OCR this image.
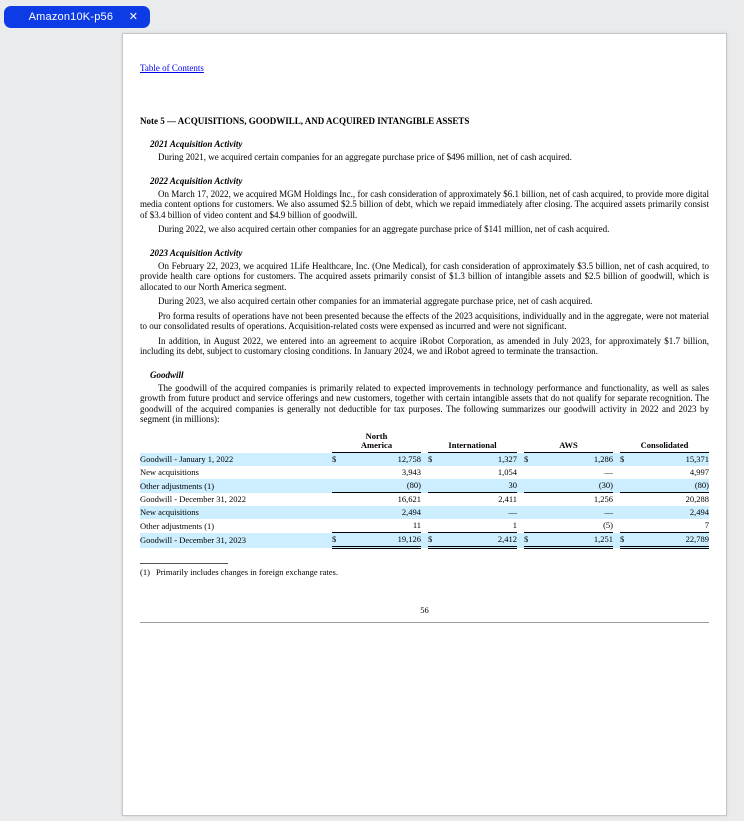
Amazon10K-p56	✕
Table of Contents
Note 5 — ACQUISITIONS, GOODWILL, AND ACQUIRED INTANGIBLE ASSETS
2021 Acquisition Activity

During 2021, we acquired certain companies for an aggregate purchase price of $496 million, net of cash acquired.

2022 Acquisition Activity

On March 17, 2022, we acquired MGM Holdings Inc., for cash consideration of approximately $6.1 billion, net of cash acquired, to provide more digital media content options for customers. We also assumed $2.5 billion of debt, which we repaid immediately after closing. The acquired assets primarily consist of $3.4 billion of video content and $4.9 billion of goodwill.

During 2022, we also acquired certain other companies for an aggregate purchase price of $141 million, net of cash acquired.

2023 Acquisition Activity

On February 22, 2023, we acquired 1Life Healthcare, Inc. (One Medical), for cash consideration of approximately $3.5 billion, net of cash acquired, to provide health care options for customers. The acquired assets primarily consist of $1.3 billion of intangible assets and $2.5 billion of goodwill, which is allocated to our North America segment.

During 2023, we also acquired certain other companies for an immaterial aggregate purchase price, net of cash acquired.

Pro forma results of operations have not been presented because the effects of the 2023 acquisitions, individually and in the aggregate, were not material to our consolidated results of operations. Acquisition-related costs were expensed as incurred and were not significant.

In addition, in August 2022, we entered into an agreement to acquire iRobot Corporation, as amended in July 2023, for approximately $1.7 billion, including its debt, subject to customary closing conditions. In January 2024, we and iRobot agreed to terminate the transaction.

Goodwill

The goodwill of the acquired companies is primarily related to expected improvements in technology performance and functionality, as well as sales growth from future product and service offerings and new customers, together with certain intangible assets that do not qualify for separate recognition. The goodwill of the acquired companies is generally not deductible for tax purposes. The following summarizes our goodwill activity in 2022 and 2023 by segment (in millions):

	North America			International			AWS			Consolidated	
Goodwill - January 1, 2022	$	12,758		$	1,327		$	1,286		$	15,371
New acquisitions		3,943			1,054			—			4,997
Other adjustments (1)		(80)			30			(30)			(80)
Goodwill - December 31, 2022		16,621			2,411			1,256			20,288
New acquisitions		2,494			—			—			2,494
Other adjustments (1)		11			1			(5)			7
Goodwill - December 31, 2023	$	19,126		$	2,412		$	1,251		$	22,789
(1) Primarily includes changes in foreign exchange rates.
56
